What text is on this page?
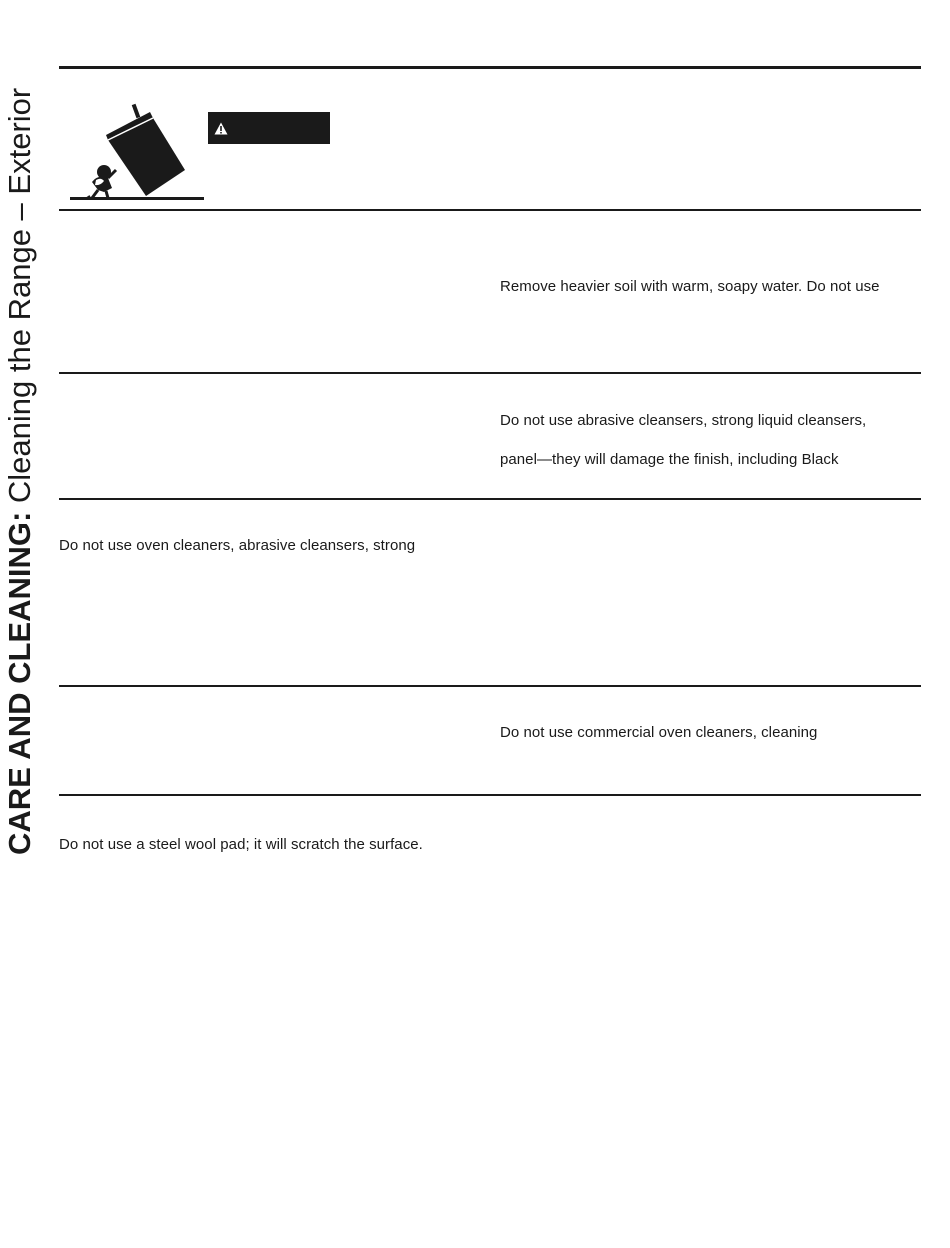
CARE AND CLEANING: Cleaning the Range – Exterior	Remove heavier soil with warm, soapy water. Do not use
Do not use abrasive cleansers, strong liquid cleansers,
panel—they will damage the finish, including Black
Do not use oven cleaners, abrasive cleansers, strong
Do not use commercial oven cleaners, cleaning
Do not use a steel wool pad; it will scratch the surface.
